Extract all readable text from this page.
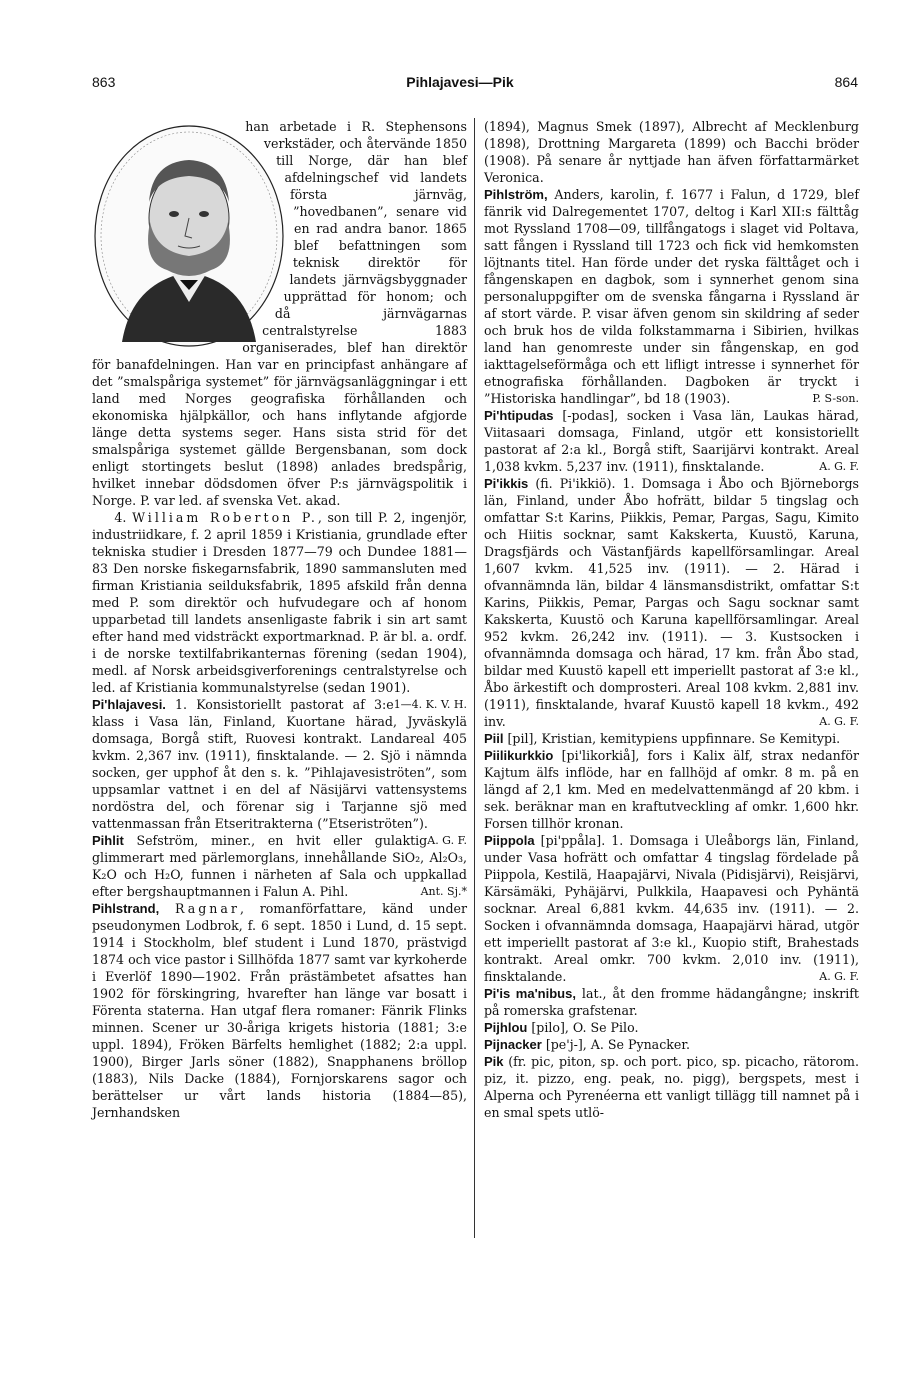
863	Pihlajavesi—Pik	864

han arbetade i R. Stephensons verkstäder, och återvände 1850 till Norge, där han blef afdelningschef vid landets första järnväg, ”hovedbanen”, senare vid en rad andra banor. 1865 blef befattningen som teknisk direktör för landets järnvägsbyggnader upprättad för honom; och då järnvägarnas centralstyrelse 1883 organiserades, blef han direktör för banafdelningen. Han var en principfast anhängare af det ”smalspåriga systemet” för järnvägsanläggningar i ett land med Norges geografiska förhållanden och ekonomiska hjälpkällor, och hans inflytande afgjorde länge detta systems seger. Hans sista strid för det smalspåriga systemet gällde Bergensbanan, som dock enligt stortingets beslut (1898) anlades bredspårig, hvilket innebar dödsdomen öfver P:s järnvägspolitik i Norge. P. var led. af svenska Vet. akad.

4. William Roberton P., son till P. 2, ingenjör, industriidkare, f. 2 april 1859 i Kristiania, grundlade efter tekniska studier i Dresden 1877—79 och Dundee 1881—83 Den norske fiskegarnsfabrik, 1890 sammansluten med firman Kristiania seilduksfabrik, 1895 afskild från denna med P. som direktör och hufvudegare och af honom upparbetad till landets ansenligaste fabrik i sin art samt efter hand med vidsträckt exportmarknad. P. är bl. a. ordf. i de norske textilfabrikanternas förening (sedan 1904), medl. af Norsk arbeidsgiverforenings centralstyrelse och led. af Kristiania kommunalstyrelse (sedan 1901).
1—4. K. V. H.

Pi'hlajavesi. 1. Konsistoriellt pastorat af 3:e klass i Vasa län, Finland, Kuortane härad, Jyväskylä domsaga, Borgå stift, Ruovesi kontrakt. Landareal 405 kvkm. 2,367 inv. (1911), finsktalande. — 2. Sjö i nämnda socken, ger upphof åt den s. k. ”Pihlajavesiströten”, som uppsamlar vattnet i en del af Näsijärvi vattensystems nordöstra del, och förenar sig i Tarjanne sjö med vattenmassan från Etseritrakterna (”Etseriströten”).
A. G. F.

Pihlit Sefström, miner., en hvit eller gulaktig glimmerart med pärlemorglans, innehållande SiO₂, Al₂O₃, K₂O och H₂O, funnen i närheten af Sala och uppkallad efter bergshauptmannen i Falun A. Pihl.	Ant. Sj.*

Pihlstrand, Ragnar, romanförfattare, känd under pseudonymen Lodbrok, f. 6 sept. 1850 i Lund, d. 15 sept. 1914 i Stockholm, blef student i Lund 1870, prästvigd 1874 och vice pastor i Sillhöfda 1877 samt var kyrkoherde i Everlöf 1890—1902. Från prästämbetet afsattes han 1902 för förskingring, hvarefter han länge var bosatt i Förenta staterna. Han utgaf flera romaner: Fänrik Flinks minnen. Scener ur 30-åriga krigets historia (1881; 3:e uppl. 1894), Fröken Bärfelts hemlighet (1882; 2:a uppl. 1900), Birger Jarls söner (1882), Snapphanens bröllop (1883), Nils Dacke (1884), Fornjorskarens sagor och berättelser ur vårt lands historia (1884—85), Jernhandsken

(1894), Magnus Smek (1897), Albrecht af Mecklenburg (1898), Drottning Margareta (1899) och Bacchi bröder (1908). På senare år nyttjade han äfven författarmärket Veronica.

Pihlström, Anders, karolin, f. 1677 i Falun, d 1729, blef fänrik vid Dalregementet 1707, deltog i Karl XII:s fälttåg mot Ryssland 1708—09, tillfångatogs i slaget vid Poltava, satt fången i Ryssland till 1723 och fick vid hemkomsten löjtnants titel. Han förde under det ryska fälttåget och i fångenskapen en dagbok, som i synnerhet genom sina personaluppgifter om de svenska fångarna i Ryssland är af stort värde. P. visar äfven genom sin skildring af seder och bruk hos de vilda folkstammarna i Sibirien, hvilkas land han genomreste under sin fångenskap, en god iakttagelseförmåga och ett lifligt intresse i synnerhet för etnografiska förhållanden. Dagboken är tryckt i ”Historiska handlingar”, bd 18 (1903).	P. S-son.

Pi'htipudas [-podas], socken i Vasa län, Laukas härad, Viitasaari domsaga, Finland, utgör ett konsistoriellt pastorat af 2:a kl., Borgå stift, Saarijärvi kontrakt. Areal 1,038 kvkm. 5,237 inv. (1911), finsktalande.	A. G. F.

Pi'ikkis (fi. Pi'ikkiö). 1. Domsaga i Åbo och Björneborgs län, Finland, under Åbo hofrätt, bildar 5 tingslag och omfattar S:t Karins, Piikkis, Pemar, Pargas, Sagu, Kimito och Hiitis socknar, samt Kakskerta, Kuustö, Karuna, Dragsfjärds och Västanfjärds kapellförsamlingar. Areal 1,607 kvkm. 41,525 inv. (1911). — 2. Härad i ofvannämnda län, bildar 4 länsmansdistrikt, omfattar S:t Karins, Piikkis, Pemar, Pargas och Sagu socknar samt Kakskerta, Kuustö och Karuna kapellförsamlingar. Areal 952 kvkm. 26,242 inv. (1911). — 3. Kustsocken i ofvannämnda domsaga och härad, 17 km. från Åbo stad, bildar med Kuustö kapell ett imperiellt pastorat af 3:e kl., Åbo ärkestift och domprosteri. Areal 108 kvkm. 2,881 inv. (1911), finsktalande, hvaraf Kuustö kapell 18 kvkm., 492 inv.	A. G. F.

Piil [pil], Kristian, kemitypiens uppfinnare. Se Kemitypi.

Piilikurkkio [pi'likorkiå], fors i Kalix älf, strax nedanför Kajtum älfs inflöde, har en fallhöjd af omkr. 8 m. på en längd af 2,1 km. Med en medelvattenmängd af 20 kbm. i sek. beräknar man en kraftutveckling af omkr. 1,600 hkr. Forsen tillhör kronan.

Piippola [pi'ppåla]. 1. Domsaga i Uleåborgs län, Finland, under Vasa hofrätt och omfattar 4 tingslag fördelade på Piippola, Kestilä, Haapajärvi, Nivala (Pidisjärvi), Reisjärvi, Kärsämäki, Pyhäjärvi, Pulkkila, Haapavesi och Pyhäntä socknar. Areal 6,881 kvkm. 44,635 inv. (1911). — 2. Socken i ofvannämnda domsaga, Haapajärvi härad, utgör ett imperiellt pastorat af 3:e kl., Kuopio stift, Brahestads kontrakt. Areal omkr. 700 kvkm. 2,010 inv. (1911), finsktalande.	A. G. F.

Pi'is ma'nibus, lat., åt den fromme hädangångne; inskrift på romerska grafstenar.

Pijhlou [pilo], O. Se Pilo.

Pijnacker [pe'j-], A. Se Pynacker.

Pik (fr. pic, piton, sp. och port. pico, sp. picacho, rätorom. piz, it. pizzo, eng. peak, no. pigg), bergspets, mest i Alperna och Pyrenéerna ett vanligt tillägg till namnet på i en smal spets utlö-
